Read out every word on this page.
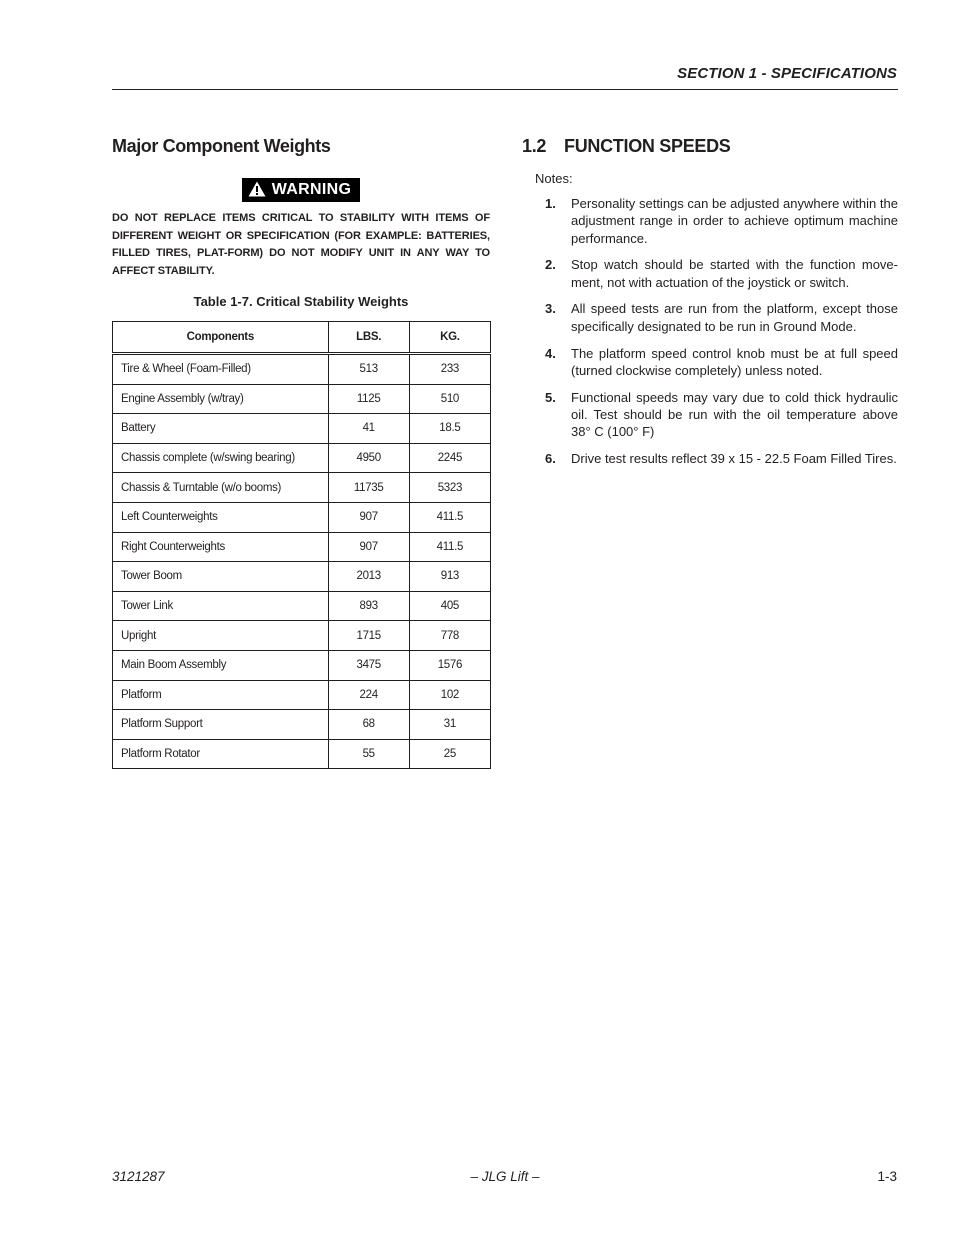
SECTION 1 - SPECIFICATIONS
Major Component Weights
WARNING
DO NOT REPLACE ITEMS CRITICAL TO STABILITY WITH ITEMS OF DIFFERENT WEIGHT OR SPECIFICATION (FOR EXAMPLE: BATTERIES, FILLED TIRES, PLAT-FORM) DO NOT MODIFY UNIT IN ANY WAY TO AFFECT STABILITY.
Table 1-7. Critical Stability Weights
Components	LBS.	KG.
Tire & Wheel (Foam-Filled)	513	233
Engine Assembly (w/tray)	1125	510
Battery	41	18.5
Chassis complete (w/swing bearing)	4950	2245
Chassis & Turntable (w/o booms)	11735	5323
Left Counterweights	907	411.5
Right Counterweights	907	411.5
Tower Boom	2013	913
Tower Link	893	405
Upright	1715	778
Main Boom Assembly	3475	1576
Platform	224	102
Platform Support	68	31
Platform Rotator	55	25
1.2 FUNCTION SPEEDS
Notes:
1. Personality settings can be adjusted anywhere within the adjustment range in order to achieve optimum machine performance.
2. Stop watch should be started with the function move-ment, not with actuation of the joystick or switch.
3. All speed tests are run from the platform, except those specifically designated to be run in Ground Mode.
4. The platform speed control knob must be at full speed (turned clockwise completely) unless noted.
5. Functional speeds may vary due to cold thick hydraulic oil. Test should be run with the oil temperature above 38° C (100° F)
6. Drive test results reflect 39 x 15 - 22.5 Foam Filled Tires.
3121287	– JLG Lift –	1-3
